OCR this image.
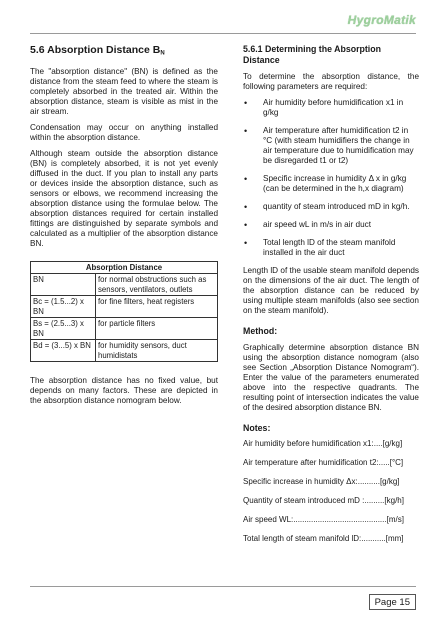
HygroMatik
5.6 Absorption Distance $B_N$

The "absorption distance" (BN) is defined as the distance from the steam feed to where the steam is completely absorbed in the treated air. Within the absorption distance, steam is visible as mist in the air stream.

Condensation may occur on anything installed within the absorption distance.

Although steam outside the absorption distance (BN) is completely absorbed, it is not yet evenly diffused in the duct. If you plan to install any parts or devices inside the absorption distance, such as sensors or elbows, we recommend increasing the absorption distance using the formulae below. The absorption distances required for certain installed fittings are distinguished by separate symbols and calculated as a multiplier of the absorption distance BN.

Absorption Distance	
BN	for normal obstructions such as sensors, ventilators, outlets
Bc = (1.5...2) x BN	for fine filters, heat registers
Bs = (2.5...3) x BN	for particle filters
Bd = (3...5) x BN	for humidity sensors, duct humidistats

The absorption distance has no fixed value, but depends on many factors. These are depicted in the absorption distance nomogram below.

5.6.1 Determining the Absorption Distance

To determine the absorption distance, the following parameters are required:

• Air humidity before humidification x1 in g/kg
• Air temperature after humidification t2 in °C (with steam humidifiers the change in air temperature due to humidification may be disregarded t1 or t2)
• Specific increase in humidity Δ x in g/kg (can be determined in the h,x diagram)
• quantity of steam introduced mD in kg/h.
• air speed wL in m/s in air duct
• Total length lD of the steam manifold installed in the air duct

Length lD of the usable steam manifold depends on the dimensions of the air duct. The length of the absorption distance can be reduced by using multiple steam manifolds (also see section on the steam manifold).

Method:

Graphically determine absorption distance BN using the absorption distance nomogram (also see Section „Absorption Distance Nomogram“). Enter the value of the parameters enumerated above into the respective quadrants. The resulting point of intersection indicates the value of the desired absorption distance BN.

Notes:
Air humidity before humidification x1:....[g/kg]
Air temperature after humidification t2:.....[°C]
Specific increase in humidity Δx:..........[g/kg]
Quantity of steam introduced mD :.........[kg/h]
Air speed WL:..........................................[m/s]
Total length of steam manifold lD:...........[mm]
Page 15
